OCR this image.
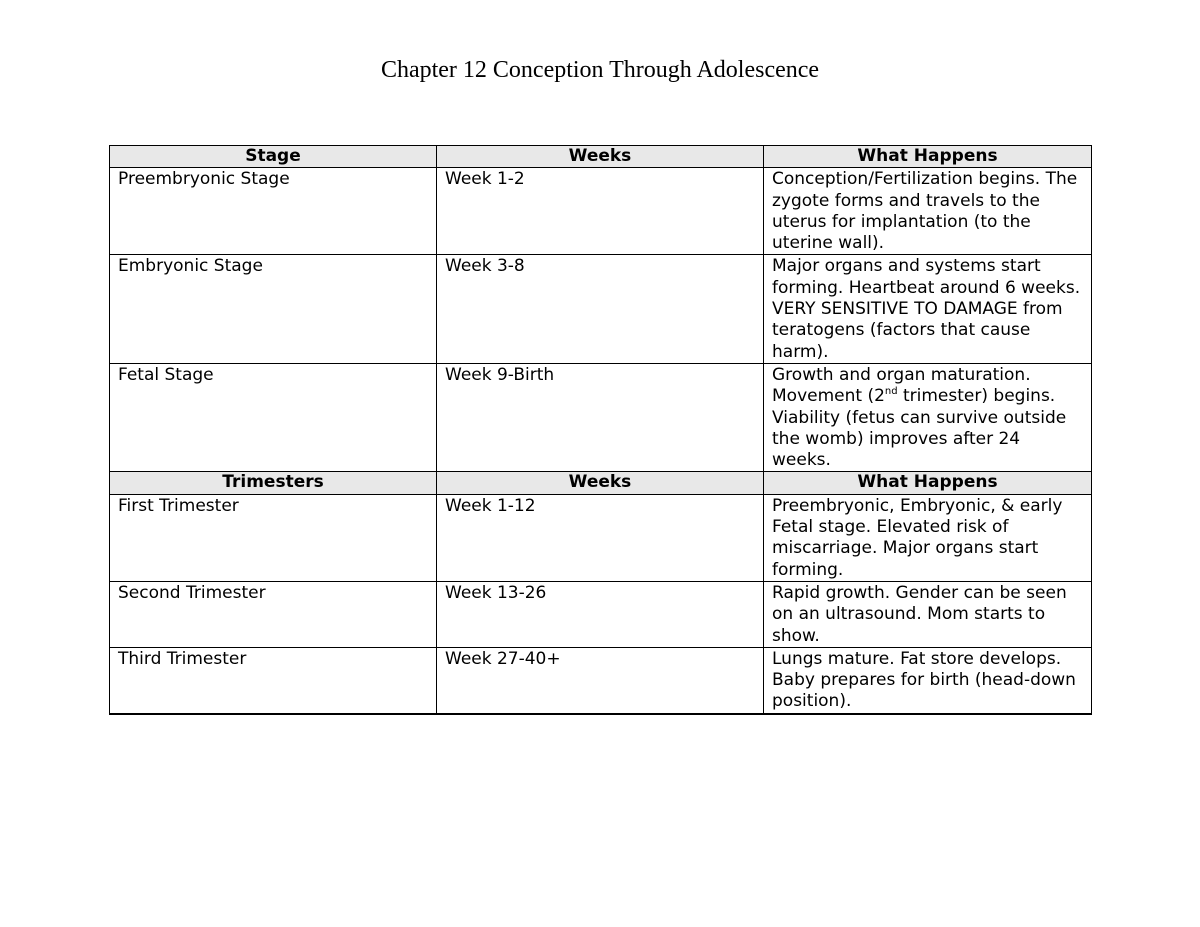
Chapter 12 Conception Through Adolescence
Stage	Weeks	What Happens
Preembryonic Stage	Week 1-2	Conception/Fertilization begins. The zygote forms and travels to the uterus for implantation (to the uterine wall).
Embryonic Stage	Week 3-8	Major organs and systems start forming. Heartbeat around 6 weeks. VERY SENSITIVE TO DAMAGE from teratogens (factors that cause harm).
Fetal Stage	Week 9-Birth	Growth and organ maturation. Movement (2nd trimester) begins. Viability (fetus can survive outside the womb) improves after 24 weeks.
Trimesters	Weeks	What Happens
First Trimester	Week 1-12	Preembryonic, Embryonic, & early Fetal stage. Elevated risk of miscarriage. Major organs start forming.
Second Trimester	Week 13-26	Rapid growth. Gender can be seen on an ultrasound. Mom starts to show.
Third Trimester	Week 27-40+	Lungs mature. Fat store develops. Baby prepares for birth (head-down position).
